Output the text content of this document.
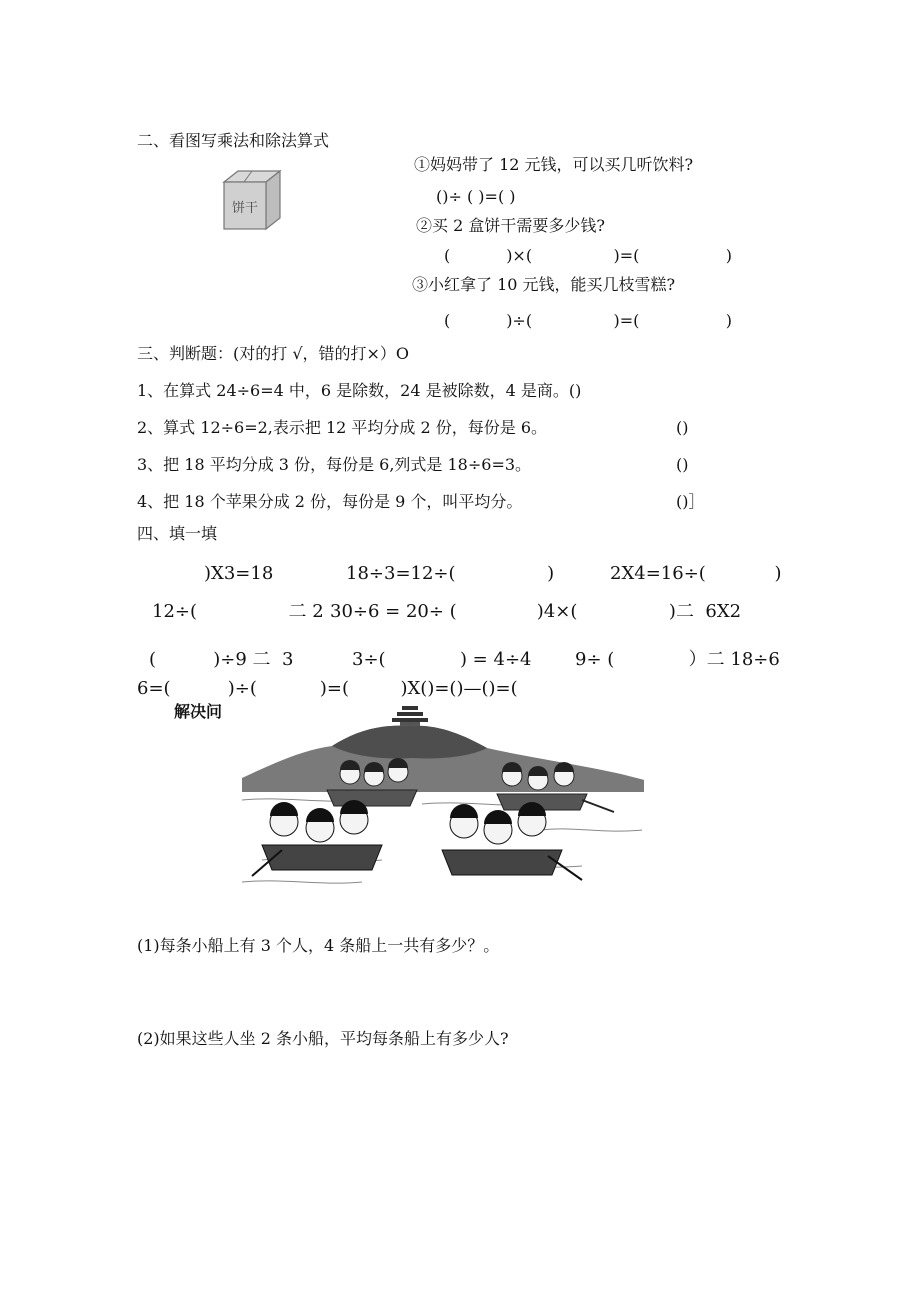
二、看图写乘法和除法算式
饼干
①妈妈带了 12 元钱，可以买几听饮料?
()÷ ( )=( )
②买 2 盒饼干需要多少钱?
(           )×(                )=(                 )
③小红拿了 10 元钱，能买几枝雪糕?
(           )÷(                )=(                 )
三、判断题：(对的打 √，错的打×）O
1、在算式 24÷6=4 中，6 是除数，24 是被除数，4 是商。()
2、算式 12÷6=2,表示把 12 平均分成 2 份，每份是 6。	()
3、把 18 平均分成 3 份，每份是 6,列式是 18÷6=3。	()
4、把 18 个苹果分成 2 份，每份是 9 个，叫平均分。	()］
四、填一填
)X3=18	18÷3=12÷(                )	2X4=16÷(            )
12÷(                二 2 30÷6 = 20÷ (              )4×(                )二  6X2
(          )÷9 二  3	3÷(             ) = 4÷4 9÷ (             ）二 18÷6
6=(          )÷(           )=(         )X()=()—()=(
解决问
(1)每条小船上有 3 个人，4 条船上一共有多少？。
(2)如果这些人坐 2 条小船，平均每条船上有多少人?
